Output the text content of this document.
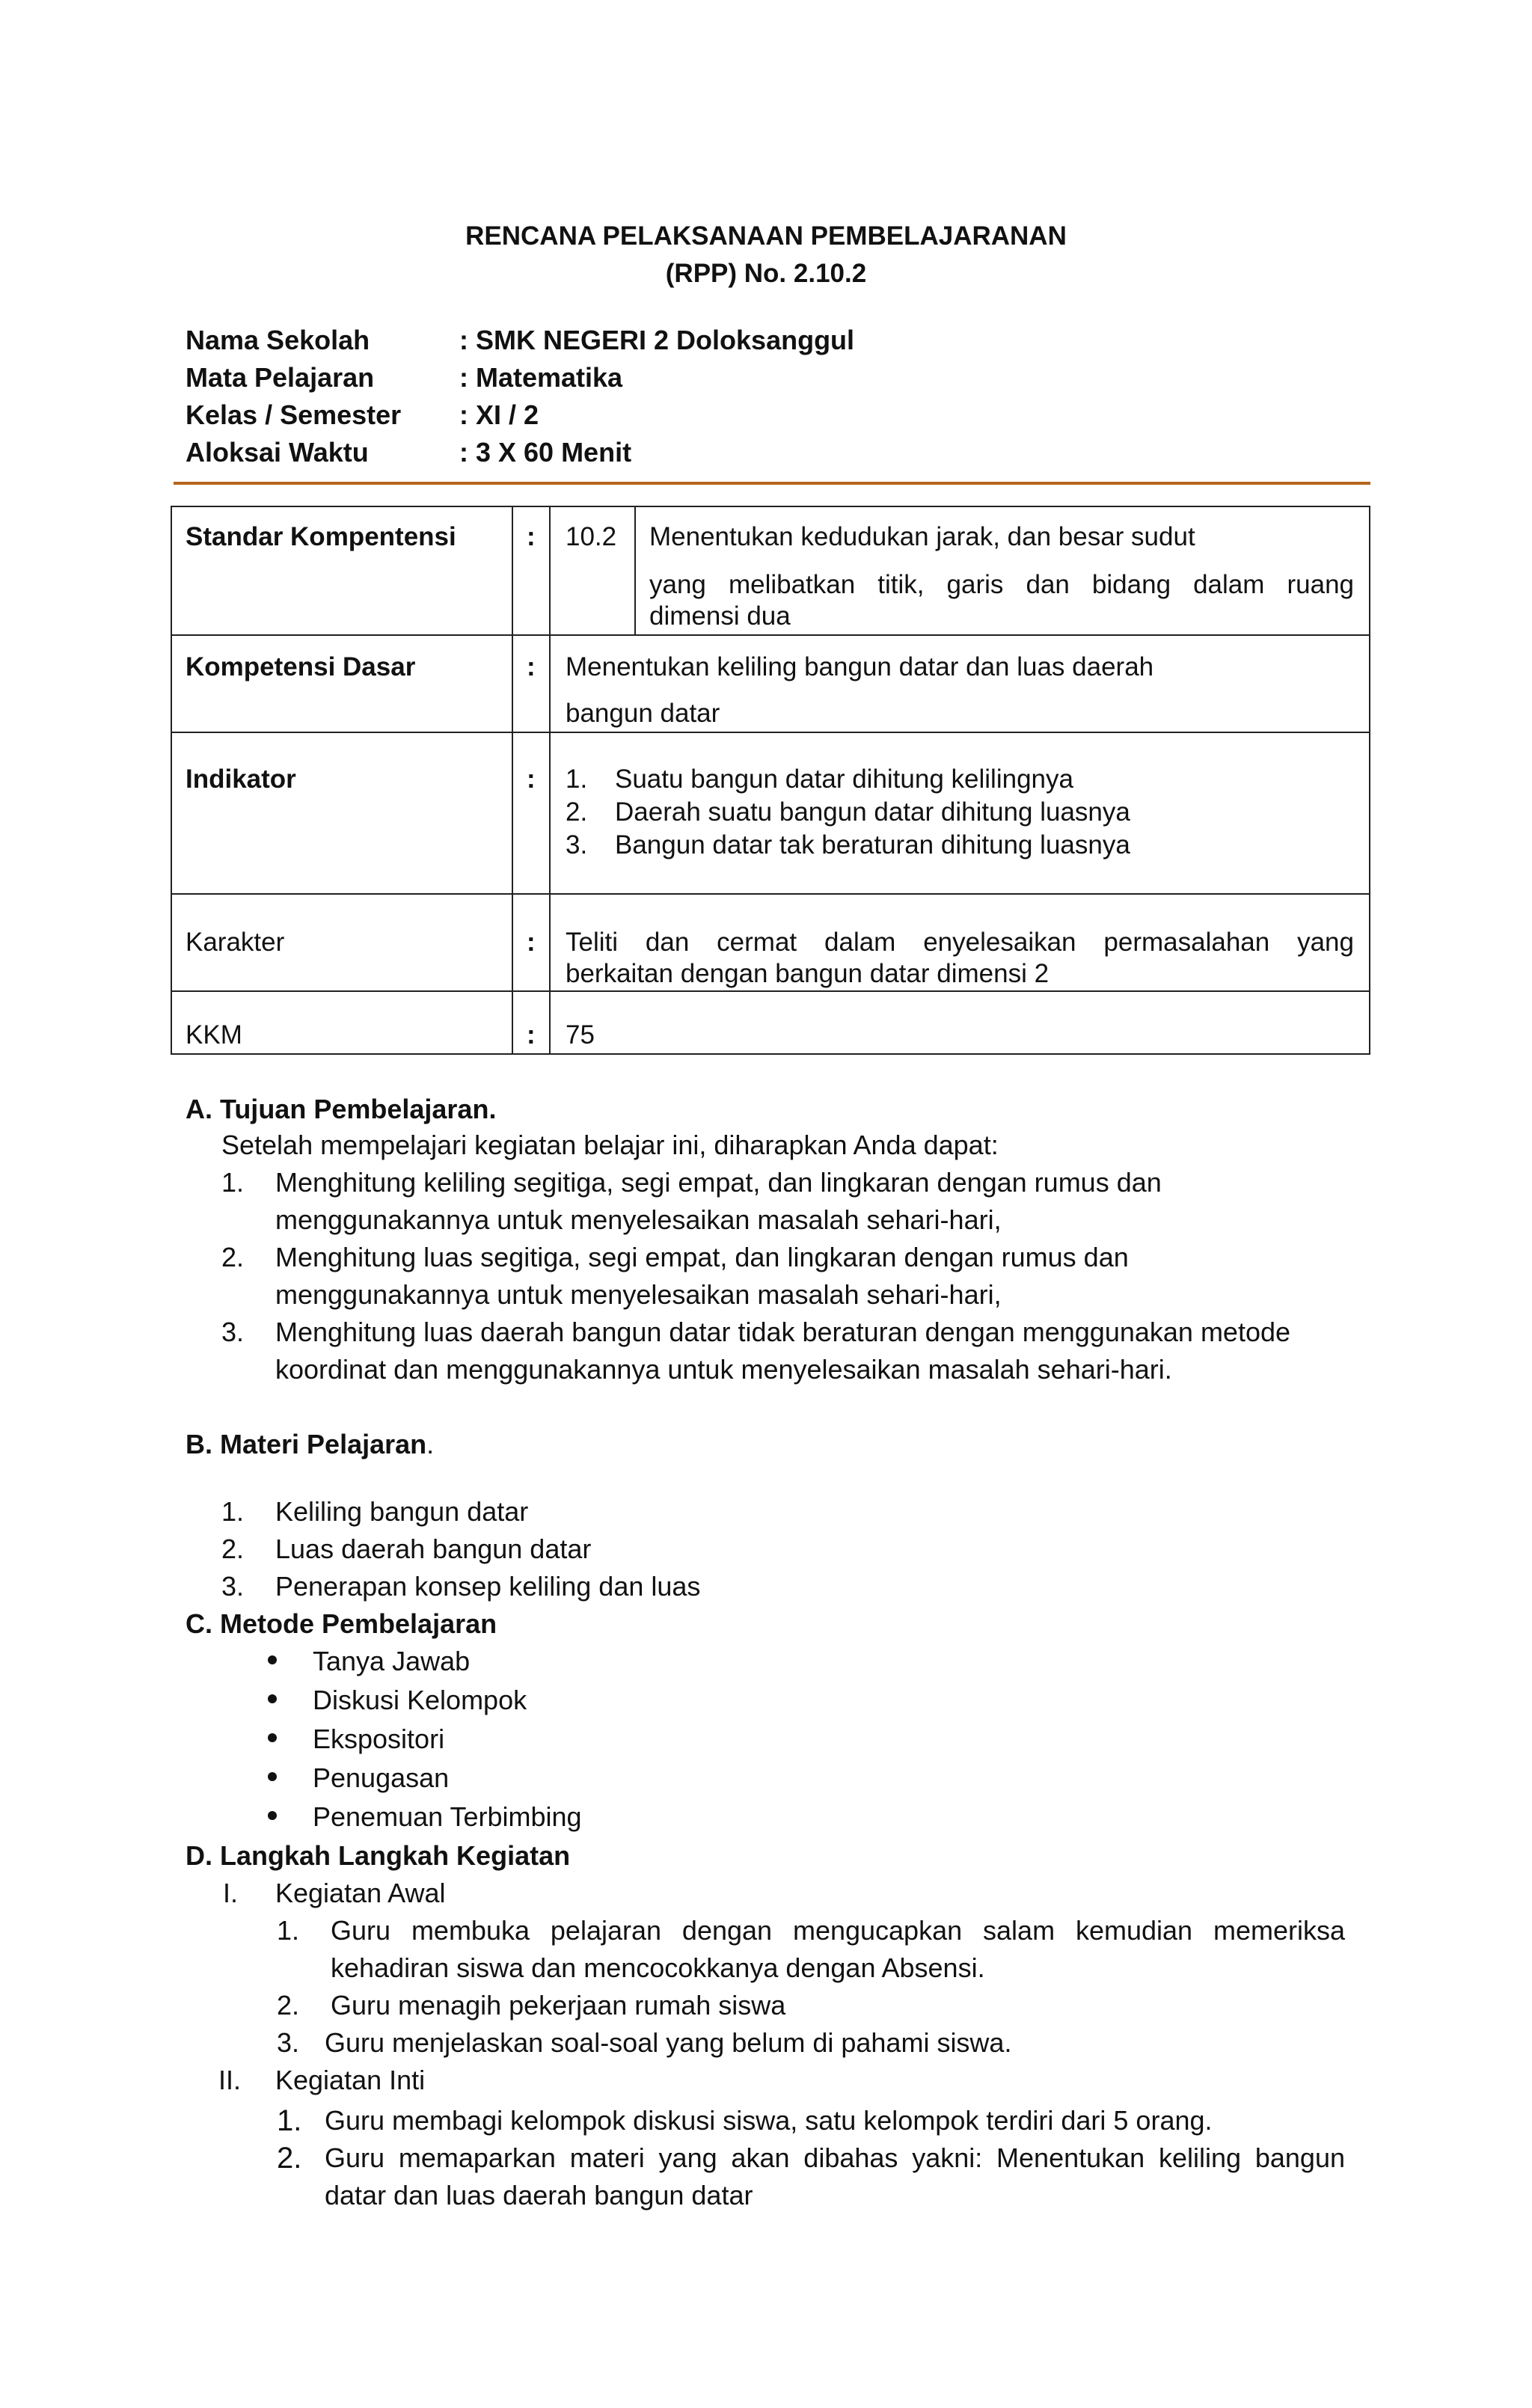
RENCANA PELAKSANAAN PEMBELAJARANAN
(RPP) No. 2.10.2
Nama Sekolah	: SMK NEGERI 2 Doloksanggul
Mata Pelajaran	: Matematika
Kelas / Semester : XI / 2
Aloksai Waktu	: 3 X 60 Menit
Standar Kompentensi	: 10.2 Menentukan kedudukan jarak, dan besar sudut
yang melibatkan titik, garis dan bidang dalam ruang
dimensi dua
Kompetensi Dasar	: Menentukan keliling bangun datar dan luas daerah
bangun datar
Indikator	: 1. Suatu bangun datar dihitung kelilingnya
2. Daerah suatu bangun datar dihitung luasnya
3. Bangun datar tak beraturan dihitung luasnya
Karakter	: Teliti dan cermat dalam enyelesaikan permasalahan yang
berkaitan dengan bangun datar dimensi 2
KKM	: 75
A. Tujuan Pembelajaran.
Setelah mempelajari kegiatan belajar ini, diharapkan Anda dapat:
1. Menghitung keliling segitiga, segi empat, dan lingkaran dengan rumus dan
menggunakannya untuk menyelesaikan masalah sehari-hari,
2. Menghitung luas segitiga, segi empat, dan lingkaran dengan rumus dan
menggunakannya untuk menyelesaikan masalah sehari-hari,
3. Menghitung luas daerah bangun datar tidak beraturan dengan menggunakan metode
koordinat dan menggunakannya untuk menyelesaikan masalah sehari-hari.
B. Materi Pelajaran.
1. Keliling bangun datar
2. Luas daerah bangun datar
3. Penerapan konsep keliling dan luas
C. Metode Pembelajaran
Tanya Jawab
Diskusi Kelompok
Ekspositori
Penugasan
Penemuan Terbimbing
D. Langkah Langkah Kegiatan
I. Kegiatan Awal
1. Guru membuka pelajaran dengan mengucapkan salam kemudian memeriksa
kehadiran siswa dan mencocokkanya dengan Absensi.
2. Guru menagih pekerjaan rumah siswa
3. Guru menjelaskan soal-soal yang belum di pahami siswa.
II. Kegiatan Inti
1. Guru membagi kelompok diskusi siswa, satu kelompok terdiri dari 5 orang.
2. Guru memaparkan materi yang akan dibahas yakni: Menentukan keliling bangun
datar dan luas daerah bangun datar
